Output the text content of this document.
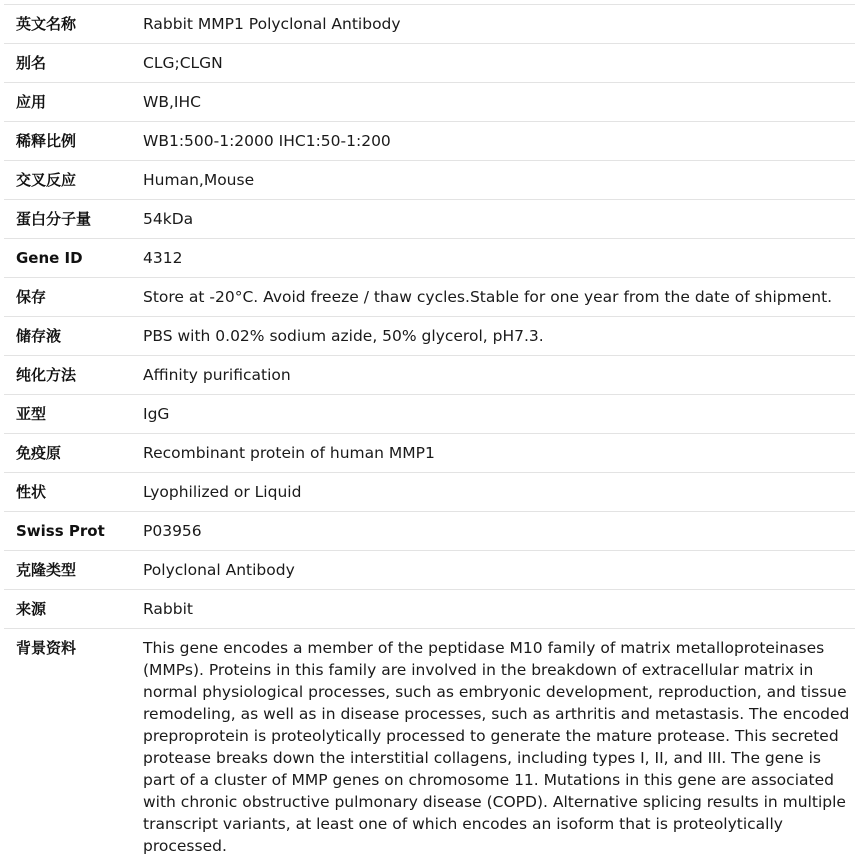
英文名称	Rabbit MMP1 Polyclonal Antibody
别名	CLG;CLGN
应用	WB,IHC
稀释比例	WB1:500-1:2000 IHC1:50-1:200
交叉反应	Human,Mouse
蛋白分子量	54kDa
Gene ID	4312
保存	Store at -20°C. Avoid freeze / thaw cycles.Stable for one year from the date of shipment.
储存液	PBS with 0.02% sodium azide, 50% glycerol, pH7.3.
纯化方法	Affinity purification
亚型	IgG
免疫原	Recombinant protein of human MMP1
性状	Lyophilized or Liquid
Swiss Prot	P03956
克隆类型	Polyclonal Antibody
来源	Rabbit
背景资料	This gene encodes a member of the peptidase M10 family of matrix metalloproteinases (MMPs). Proteins in this family are involved in the breakdown of extracellular matrix in normal physiological processes, such as embryonic development, reproduction, and tissue remodeling, as well as in disease processes, such as arthritis and metastasis. The encoded preproprotein is proteolytically processed to generate the mature protease. This secreted protease breaks down the interstitial collagens, including types I, II, and III. The gene is part of a cluster of MMP genes on chromosome 11. Mutations in this gene are associated with chronic obstructive pulmonary disease (COPD). Alternative splicing results in multiple transcript variants, at least one of which encodes an isoform that is proteolytically processed.
